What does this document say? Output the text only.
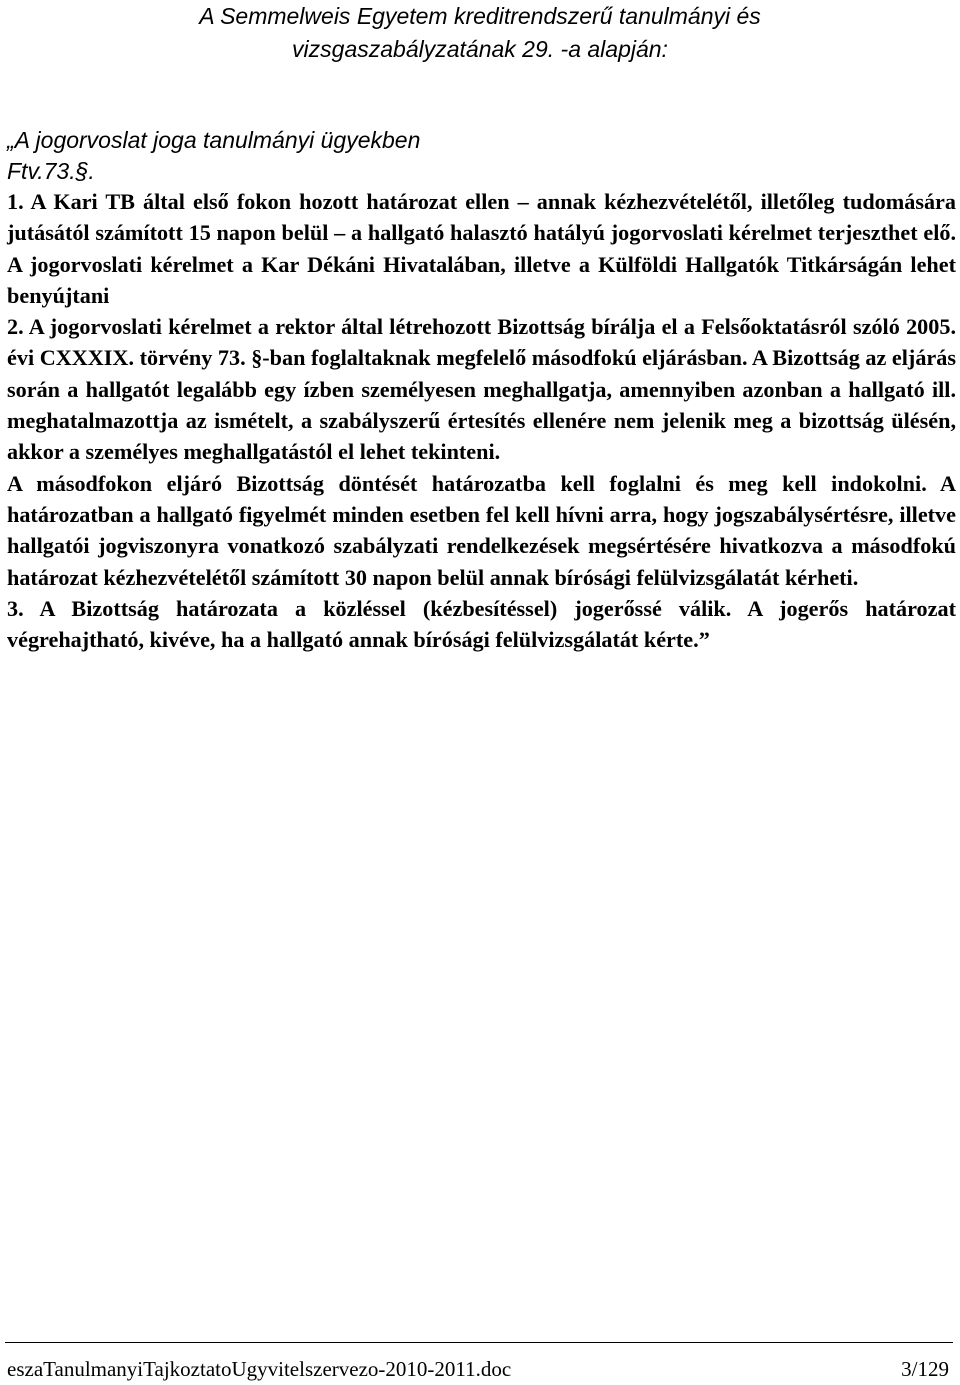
A Semmelweis Egyetem kreditrendszerű tanulmányi és
vizsgaszabályzatának 29. -a alapján:
„A jogorvoslat joga tanulmányi ügyekben
Ftv.73.§.

1. A Kari TB által első fokon hozott határozat ellen – annak kézhezvételétől, illetőleg tudomására jutásától számított 15 napon belül – a hallgató halasztó hatályú jogorvoslati kérelmet terjeszthet elő. A jogorvoslati kérelmet a Kar Dékáni Hivatalában, illetve a Külföldi Hallgatók Titkárságán lehet benyújtani

2. A jogorvoslati kérelmet a rektor által létrehozott Bizottság bírálja el a Felsőoktatásról szóló 2005. évi CXXXIX. törvény 73. §-ban foglaltaknak megfelelő másodfokú eljárásban. A Bizottság az eljárás során a hallgatót legalább egy ízben személyesen meghallgatja, amennyiben azonban a hallgató ill. meghatalmazottja az ismételt, a szabályszerű értesítés ellenére nem jelenik meg a bizottság ülésén, akkor a személyes meghallgatástól el lehet tekinteni.

A másodfokon eljáró Bizottság döntését határozatba kell foglalni és meg kell indokolni. A határozatban a hallgató figyelmét minden esetben fel kell hívni arra, hogy jogszabálysértésre, illetve hallgatói jogviszonyra vonatkozó szabályzati rendelkezések megsértésére hivatkozva a másodfokú határozat kézhezvételétől számított 30 napon belül annak bírósági felülvizsgálatát kérheti.

3. A Bizottság határozata a közléssel (kézbesítéssel) jogerőssé válik. A jogerős határozat végrehajtható, kivéve, ha a hallgató annak bírósági felülvizsgálatát kérte.”

eszaTanulmanyiTajkoztatoUgyvitelszervezo-2010-2011.doc	3/129
